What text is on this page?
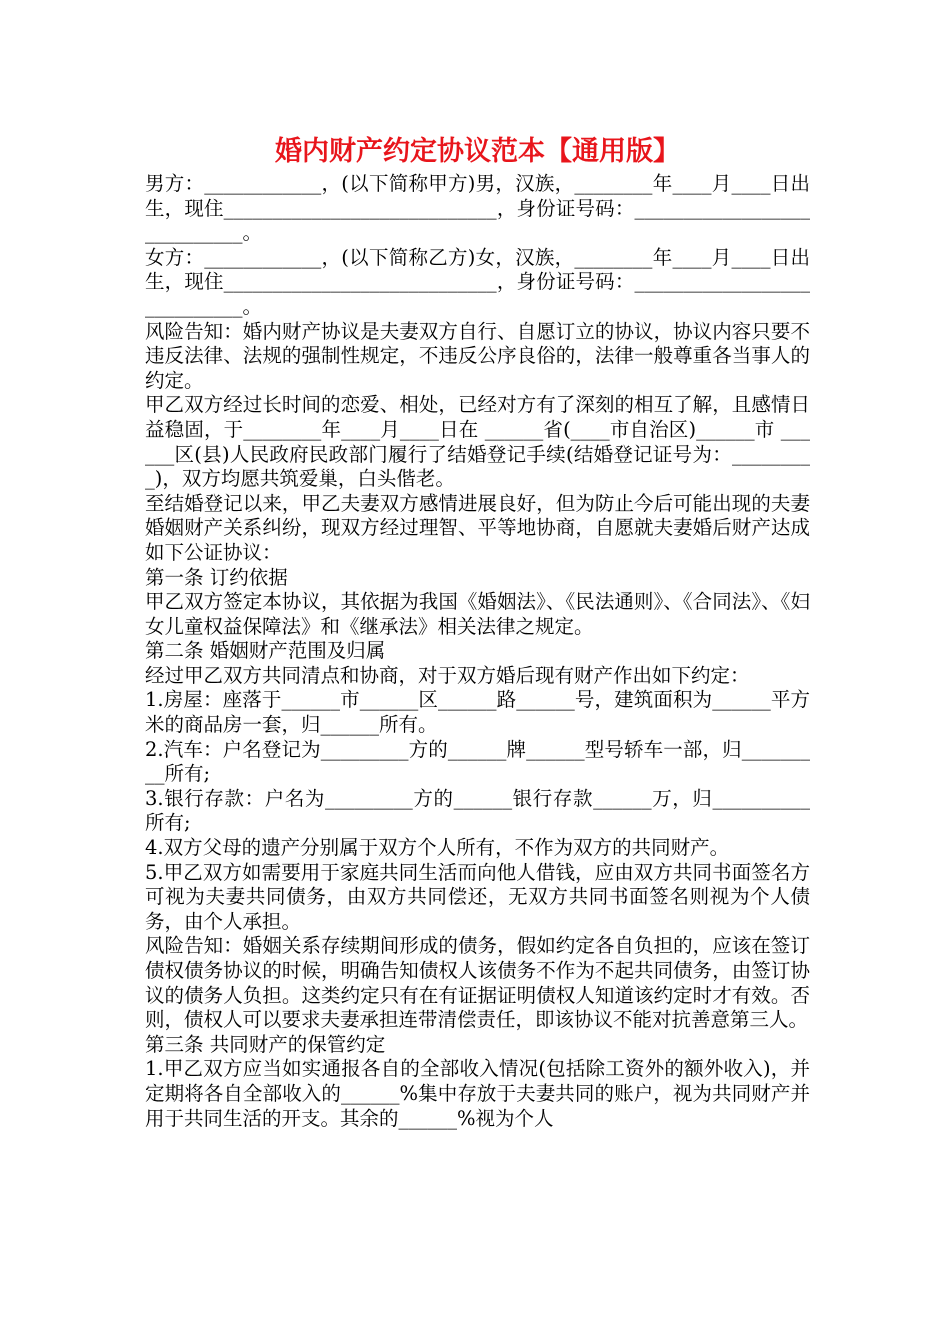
婚内财产约定协议范本【通用版】

男方：____________，(以下简称甲方)男，汉族，________年____月____日出生，现住____________________________，身份证号码：____________________________。

女方：____________，(以下简称乙方)女，汉族，________年____月____日出生，现住____________________________，身份证号码：____________________________。

风险告知：婚内财产协议是夫妻双方自行、自愿订立的协议，协议内容只要不违反法律、法规的强制性规定，不违反公序良俗的，法律一般尊重各当事人的约定。

甲乙双方经过长时间的恋爱、相处，已经对方有了深刻的相互了解，且感情日益稳固，于________年____月____日在 ______省(____市自治区)______市 ______区(县)人民政府民政部门履行了结婚登记手续(结婚登记证号为：_________)，双方均愿共筑爱巢，白头偕老。

至结婚登记以来，甲乙夫妻双方感情进展良好，但为防止今后可能出现的夫妻婚姻财产关系纠纷，现双方经过理智、平等地协商，自愿就夫妻婚后财产达成如下公证协议：

第一条 订约依据

甲乙双方签定本协议，其依据为我国《婚姻法》、《民法通则》、《合同法》、《妇女儿童权益保障法》和《继承法》相关法律之规定。

第二条 婚姻财产范围及归属

经过甲乙双方共同清点和协商，对于双方婚后现有财产作出如下约定：

1.房屋：座落于______市______区______路______号，建筑面积为______平方米的商品房一套，归______所有。

2.汽车：户名登记为_________方的______牌______型号轿车一部，归_________所有;

3.银行存款：户名为_________方的______银行存款______万，归__________所有;

4.双方父母的遗产分别属于双方个人所有，不作为双方的共同财产。

5.甲乙双方如需要用于家庭共同生活而向他人借钱，应由双方共同书面签名方可视为夫妻共同债务，由双方共同偿还，无双方共同书面签名则视为个人债务，由个人承担。

风险告知：婚姻关系存续期间形成的债务，假如约定各自负担的，应该在签订债权债务协议的时候，明确告知债权人该债务不作为不起共同债务，由签订协议的债务人负担。这类约定只有在有证据证明债权人知道该约定时才有效。否则，债权人可以要求夫妻承担连带清偿责任，即该协议不能对抗善意第三人。

第三条 共同财产的保管约定

1.甲乙双方应当如实通报各自的全部收入情况(包括除工资外的额外收入)，并定期将各自全部收入的______%集中存放于夫妻共同的账户，视为共同财产并用于共同生活的开支。其余的______%视为个人
